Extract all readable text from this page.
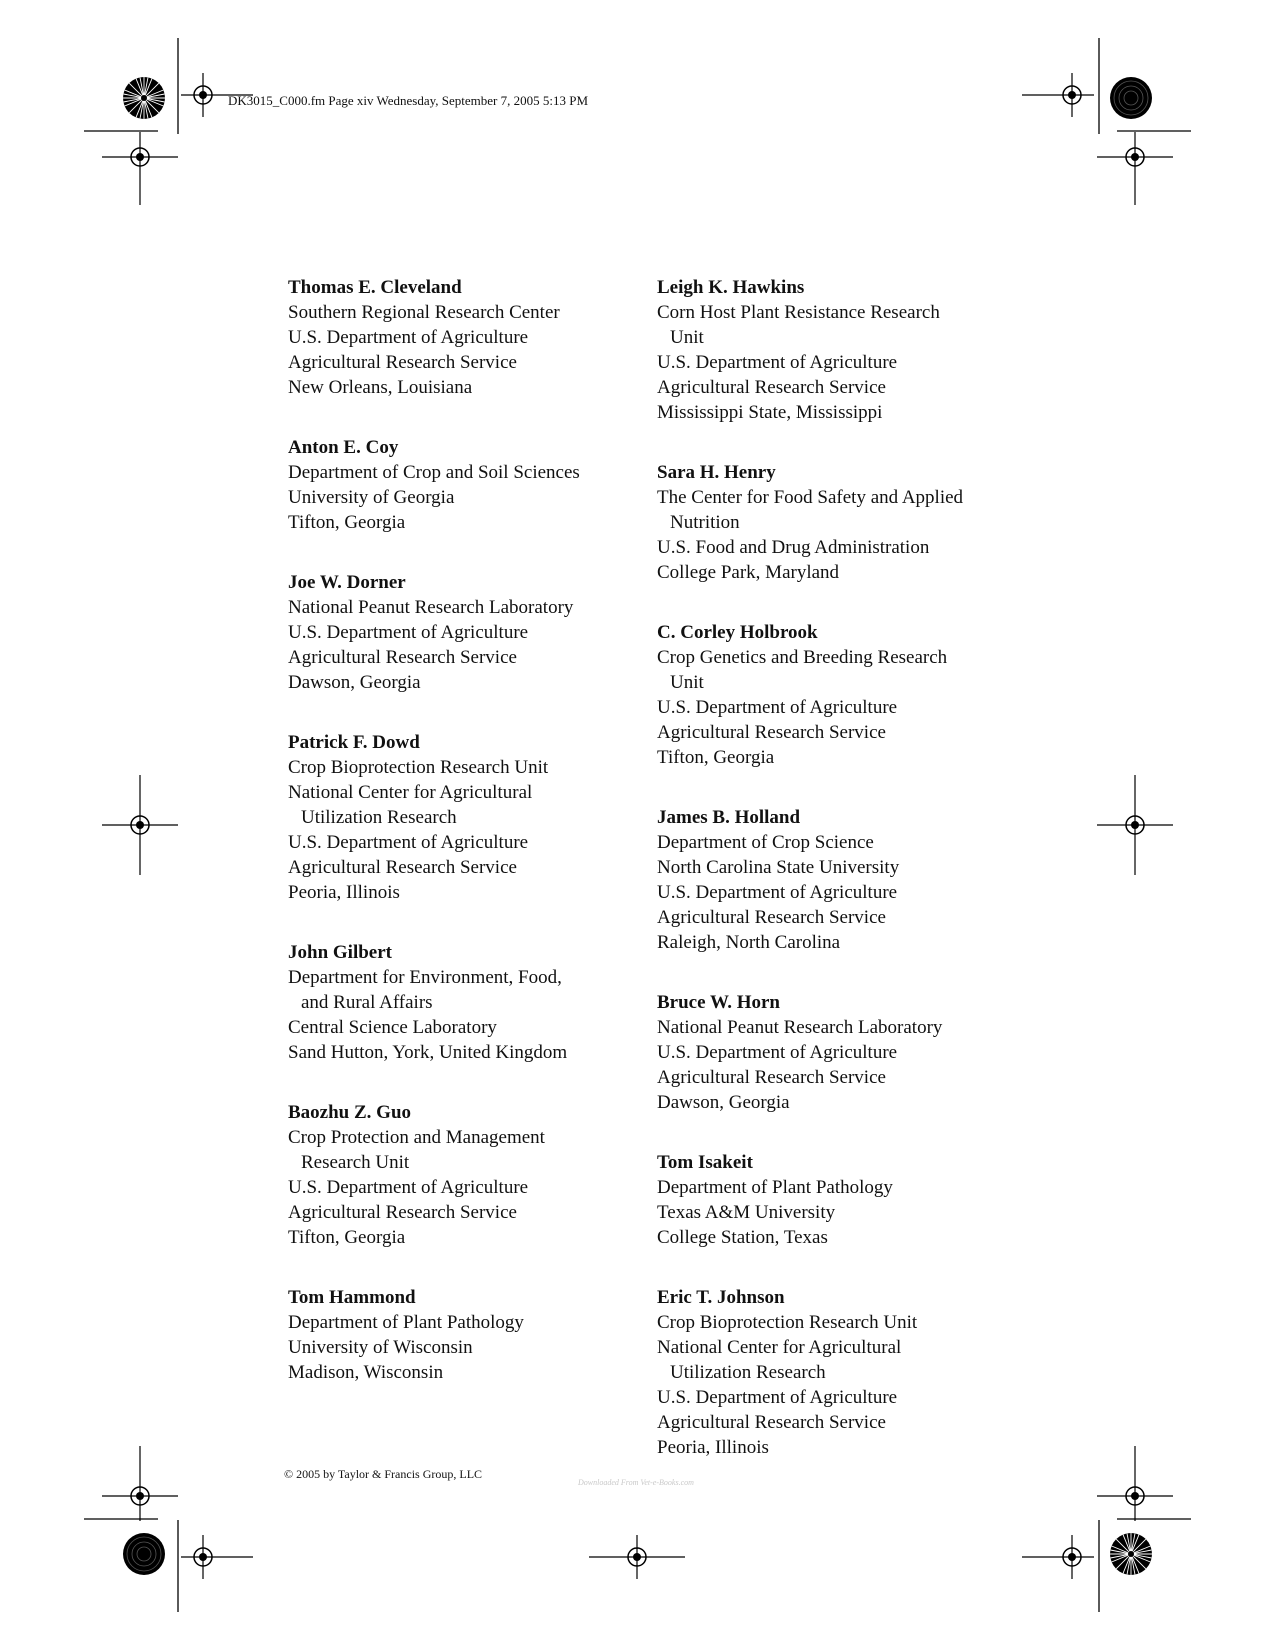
DK3015_C000.fm Page xiv Wednesday, September 7, 2005 5:13 PM
Thomas E. Cleveland
Southern Regional Research Center
U.S. Department of Agriculture
Agricultural Research Service
New Orleans, Louisiana
Anton E. Coy
Department of Crop and Soil Sciences
University of Georgia
Tifton, Georgia
Joe W. Dorner
National Peanut Research Laboratory
U.S. Department of Agriculture
Agricultural Research Service
Dawson, Georgia
Patrick F. Dowd
Crop Bioprotection Research Unit
National Center for Agricultural
Utilization Research
U.S. Department of Agriculture
Agricultural Research Service
Peoria, Illinois
John Gilbert
Department for Environment, Food,
and Rural Affairs
Central Science Laboratory
Sand Hutton, York, United Kingdom
Baozhu Z. Guo
Crop Protection and Management
Research Unit
U.S. Department of Agriculture
Agricultural Research Service
Tifton, Georgia
Tom Hammond
Department of Plant Pathology
University of Wisconsin
Madison, Wisconsin
Leigh K. Hawkins
Corn Host Plant Resistance Research
Unit
U.S. Department of Agriculture
Agricultural Research Service
Mississippi State, Mississippi
Sara H. Henry
The Center for Food Safety and Applied
Nutrition
U.S. Food and Drug Administration
College Park, Maryland
C. Corley Holbrook
Crop Genetics and Breeding Research
Unit
U.S. Department of Agriculture
Agricultural Research Service
Tifton, Georgia
James B. Holland
Department of Crop Science
North Carolina State University
U.S. Department of Agriculture
Agricultural Research Service
Raleigh, North Carolina
Bruce W. Horn
National Peanut Research Laboratory
U.S. Department of Agriculture
Agricultural Research Service
Dawson, Georgia
Tom Isakeit
Department of Plant Pathology
Texas A&M University
College Station, Texas
Eric T. Johnson
Crop Bioprotection Research Unit
National Center for Agricultural
Utilization Research
U.S. Department of Agriculture
Agricultural Research Service
Peoria, Illinois
© 2005 by Taylor & Francis Group, LLC
Downloaded From Vet-e-Books.com
